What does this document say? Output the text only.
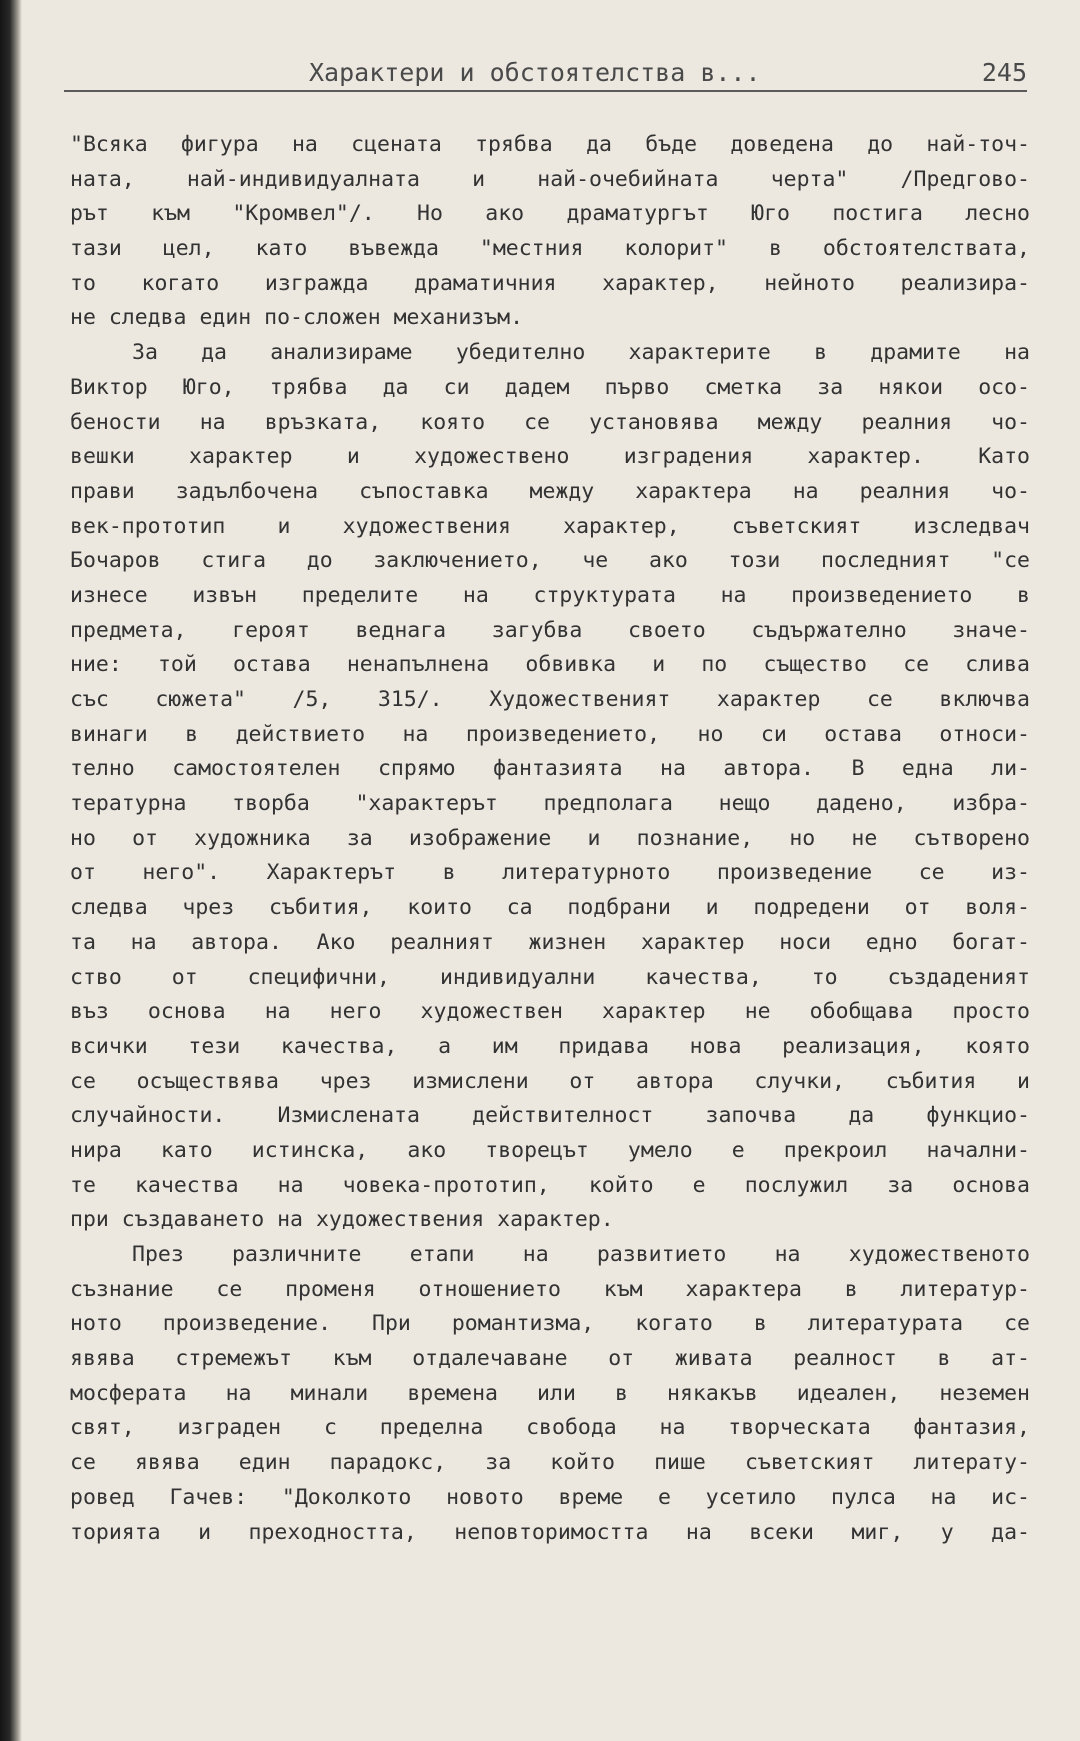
Характери и обстоятелства в...	245
"Всяка фигура на сцената трябва да бъде доведена до най-точ-
ната, най-индивидуалната и най-очебийната черта" /Предгово-
рът към "Кромвел"/. Но ако драматургът Юго постига лесно
тази цел, като въвежда "местния колорит" в обстоятелствата,
то когато изгражда драматичния характер, нейното реализира-
не следва един по-сложен механизъм.
За да анализираме убедително характерите в драмите на
Виктор Юго, трябва да си дадем първо сметка за някои осо-
бености на връзката, която се установява между реалния чо-
вешки характер и художествено изградения характер. Като
прави задълбочена съпоставка между характера на реалния чо-
век-прототип и художествения характер, съветският изследвач
Бочаров стига до заключението, че ако този последният "се
изнесе извън пределите на структурата на произведението в
предмета, героят веднага загубва своето съдържателно значе-
ние: той остава ненапълнена обвивка и по същество се слива
със сюжета" /5, 315/. Художественият характер се включва
винаги в действието на произведението, но си остава относи-
телно самостоятелен спрямо фантазията на автора. В една ли-
тературна творба "характерът предполага нещо дадено, избра-
но от художника за изображение и познание, но не сътворено
от него". Характерът в литературното произведение се из-
следва чрез събития, които са подбрани и подредени от воля-
та на автора. Ако реалният жизнен характер носи едно богат-
ство от специфични, индивидуални качества, то създаденият
въз основа на него художествен характер не обобщава просто
всички тези качества, а им придава нова реализация, която
се осъществява чрез измислени от автора случки, събития и
случайности. Измислената действителност започва да функцио-
нира като истинска, ако творецът умело е прекроил начални-
те качества на човека-прототип, който е послужил за основа
при създаването на художествения характер.
През различните етапи на развитието на художественото
съзнание се променя отношението към характера в литератур-
ното произведение. При романтизма, когато в литературата се
явява стремежът към отдалечаване от живата реалност в ат-
мосферата на минали времена или в някакъв идеален, неземен
свят, изграден с пределна свобода на творческата фантазия,
се явява един парадокс, за който пише съветският литерату-
ровед Гачев: "Доколкото новото време е усетило пулса на ис-
торията и преходността, неповторимостта на всеки миг, у да-
